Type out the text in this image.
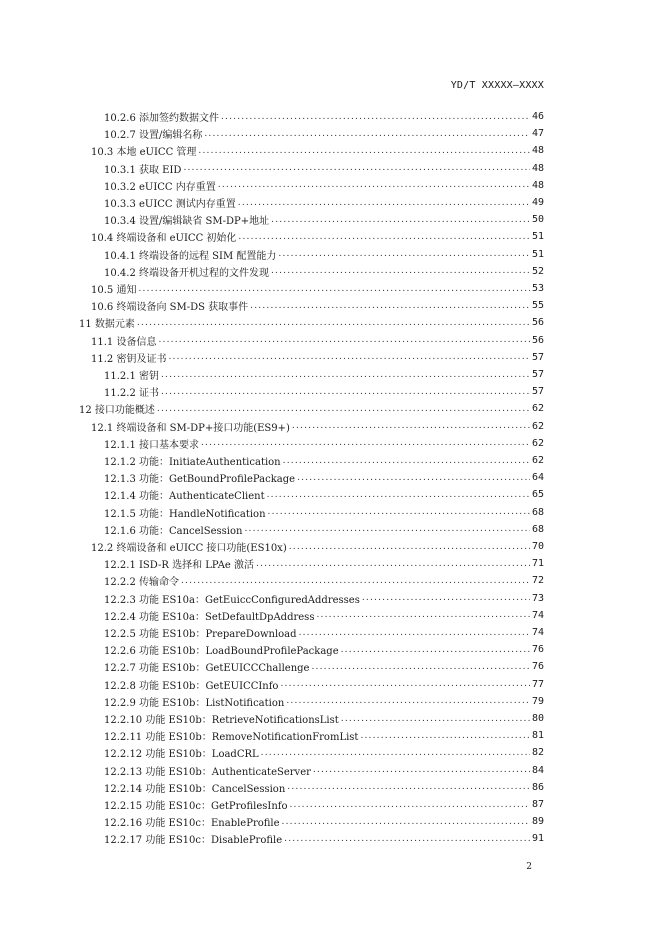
YD/T XXXXX—XXXX
10.2.6 添加签约数据文件 .....	46
10.2.7 设置/编辑名称 .....	47
10.3 本地 eUICC 管理 .....	48
10.3.1 获取 EID .....	48
10.3.2 eUICC 内存重置 .....	48
10.3.3 eUICC 测试内存重置 .....	49
10.3.4 设置/编辑缺省 SM-DP+地址 .....	50
10.4 终端设备和 eUICC 初始化 .....	51
10.4.1 终端设备的远程 SIM 配置能力 .....	51
10.4.2 终端设备开机过程的文件发现 .....	52
10.5 通知 .....	53
10.6 终端设备向 SM-DS 获取事件 .....	55
11 数据元素 .....	56
11.1 设备信息 .....	56
11.2 密钥及证书 .....	57
11.2.1 密钥 .....	57
11.2.2 证书 .....	57
12 接口功能概述 .....	62
12.1 终端设备和 SM-DP+接口功能(ES9+) .....	62
12.1.1 接口基本要求 .....	62
12.1.2 功能：InitiateAuthentication .....	62
12.1.3 功能：GetBoundProfilePackage .....	64
12.1.4 功能：AuthenticateClient .....	65
12.1.5 功能：HandleNotification .....	68
12.1.6 功能：CancelSession .....	68
12.2 终端设备和 eUICC 接口功能(ES10x) .....	70
12.2.1 ISD-R 选择和 LPAe 激活 .....	71
12.2.2 传输命令 .....	72
12.2.3 功能 ES10a：GetEuiccConfiguredAddresses .....	73
12.2.4 功能 ES10a：SetDefaultDpAddress .....	74
12.2.5 功能 ES10b：PrepareDownload .....	74
12.2.6 功能 ES10b：LoadBoundProfilePackage .....	76
12.2.7 功能 ES10b：GetEUICCChallenge .....	76
12.2.8 功能 ES10b：GetEUICCInfo .....	77
12.2.9 功能 ES10b：ListNotification .....	79
12.2.10 功能 ES10b：RetrieveNotificationsList .....	80
12.2.11 功能 ES10b：RemoveNotificationFromList .....	81
12.2.12 功能 ES10b：LoadCRL .....	82
12.2.13 功能 ES10b：AuthenticateServer .....	84
12.2.14 功能 ES10b：CancelSession .....	86
12.2.15 功能 ES10c：GetProfilesInfo .....	87
12.2.16 功能 ES10c：EnableProfile .....	89
12.2.17 功能 ES10c：DisableProfile .....	91
2
